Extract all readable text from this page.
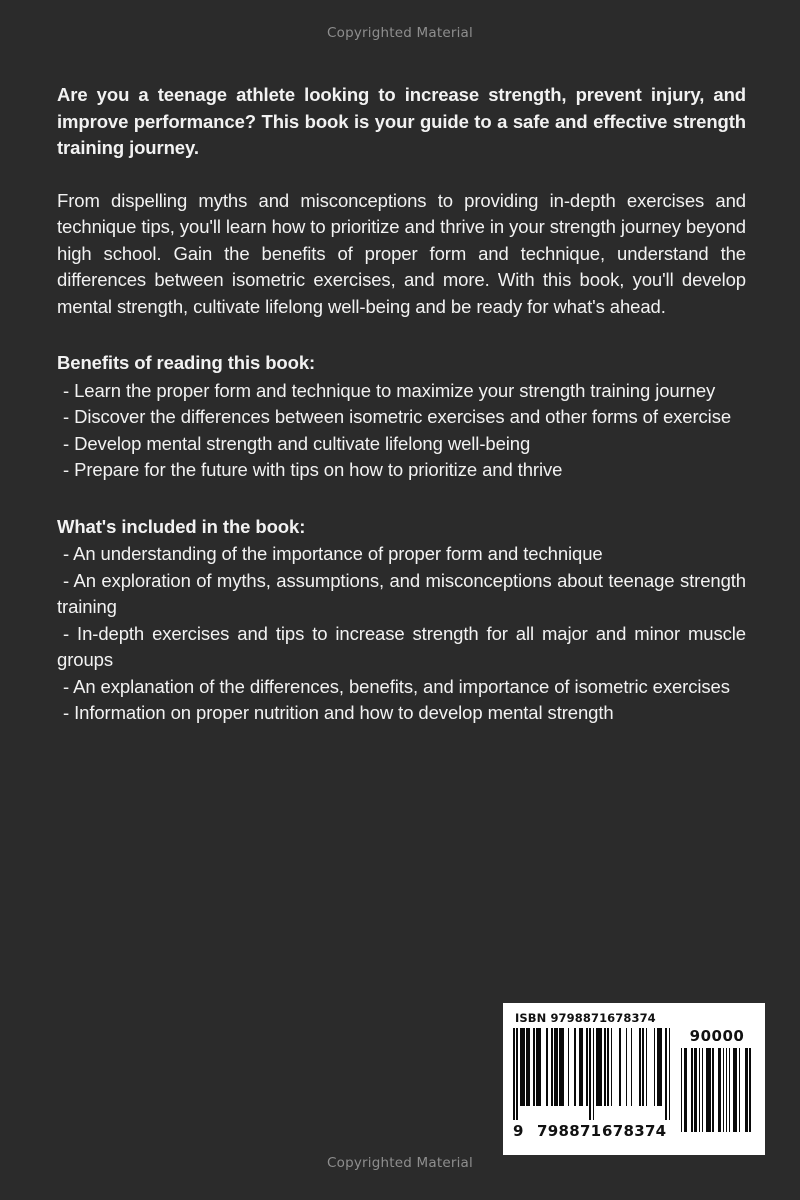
Copyrighted Material

Are you a teenage athlete looking to increase strength, prevent injury, and improve performance? This book is your guide to a safe and effective strength training journey.

From dispelling myths and misconceptions to providing in-depth exercises and technique tips, you'll learn how to prioritize and thrive in your strength journey beyond high school. Gain the benefits of proper form and technique, understand the differences between isometric exercises, and more. With this book, you'll develop mental strength, cultivate lifelong well-being and be ready for what's ahead.

Benefits of reading this book:
- Learn the proper form and technique to maximize your strength training journey
- Discover the differences between isometric exercises and other forms of exercise
- Develop mental strength and cultivate lifelong well-being
- Prepare for the future with tips on how to prioritize and thrive
What's included in the book:
- An understanding of the importance of proper form and technique
- An exploration of myths, assumptions, and misconceptions about teenage strength training
- In-depth exercises and tips to increase strength for all major and minor muscle groups
- An explanation of the differences, benefits, and importance of isometric exercises
- Information on proper nutrition and how to develop mental strength
ISBN 9798871678374
9 798871 678374
90000
Copyrighted Material
